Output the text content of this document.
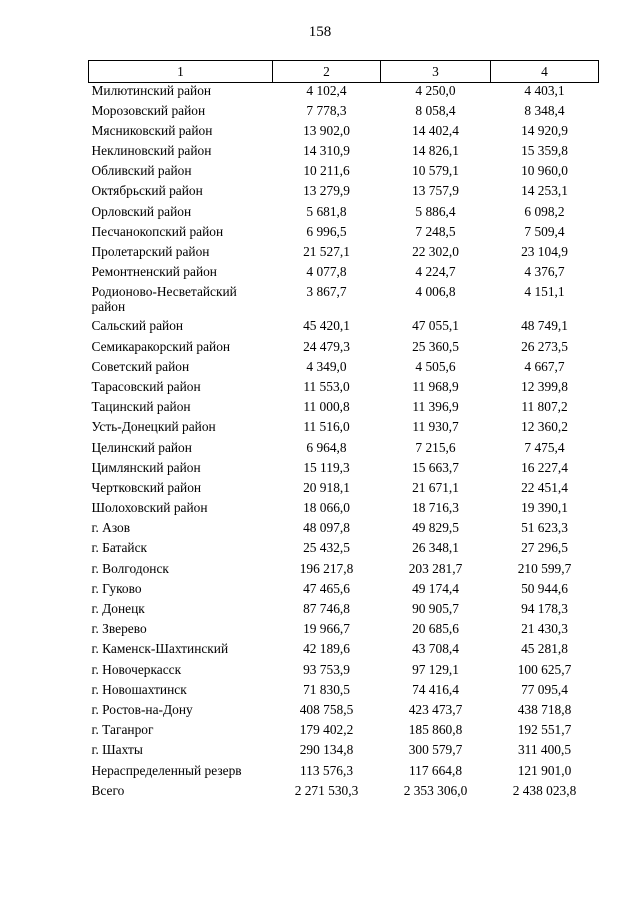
158
1	2	3	4
Милютинский район	4 102,4	4 250,0	4 403,1
Морозовский район	7 778,3	8 058,4	8 348,4
Мясниковский район	13 902,0	14 402,4	14 920,9
Неклиновский район	14 310,9	14 826,1	15 359,8
Обливский район	10 211,6	10 579,1	10 960,0
Октябрьский район	13 279,9	13 757,9	14 253,1
Орловский район	5 681,8	5 886,4	6 098,2
Песчанокопский район	6 996,5	7 248,5	7 509,4
Пролетарский район	21 527,1	22 302,0	23 104,9
Ремонтненский район	4 077,8	4 224,7	4 376,7
Родионово-Несветайский район	3 867,7	4 006,8	4 151,1
Сальский район	45 420,1	47 055,1	48 749,1
Семикаракорский район	24 479,3	25 360,5	26 273,5
Советский район	4 349,0	4 505,6	4 667,7
Тарасовский район	11 553,0	11 968,9	12 399,8
Тацинский район	11 000,8	11 396,9	11 807,2
Усть-Донецкий район	11 516,0	11 930,7	12 360,2
Целинский район	6 964,8	7 215,6	7 475,4
Цимлянский район	15 119,3	15 663,7	16 227,4
Чертковский район	20 918,1	21 671,1	22 451,4
Шолоховский район	18 066,0	18 716,3	19 390,1
г. Азов	48 097,8	49 829,5	51 623,3
г. Батайск	25 432,5	26 348,1	27 296,5
г. Волгодонск	196 217,8	203 281,7	210 599,7
г. Гуково	47 465,6	49 174,4	50 944,6
г. Донецк	87 746,8	90 905,7	94 178,3
г. Зверево	19 966,7	20 685,6	21 430,3
г. Каменск-Шахтинский	42 189,6	43 708,4	45 281,8
г. Новочеркасск	93 753,9	97 129,1	100 625,7
г. Новошахтинск	71 830,5	74 416,4	77 095,4
г. Ростов-на-Дону	408 758,5	423 473,7	438 718,8
г. Таганрог	179 402,2	185 860,8	192 551,7
г. Шахты	290 134,8	300 579,7	311 400,5
Нераспределенный резерв	113 576,3	117 664,8	121 901,0
Всего	2 271 530,3	2 353 306,0	2 438 023,8
